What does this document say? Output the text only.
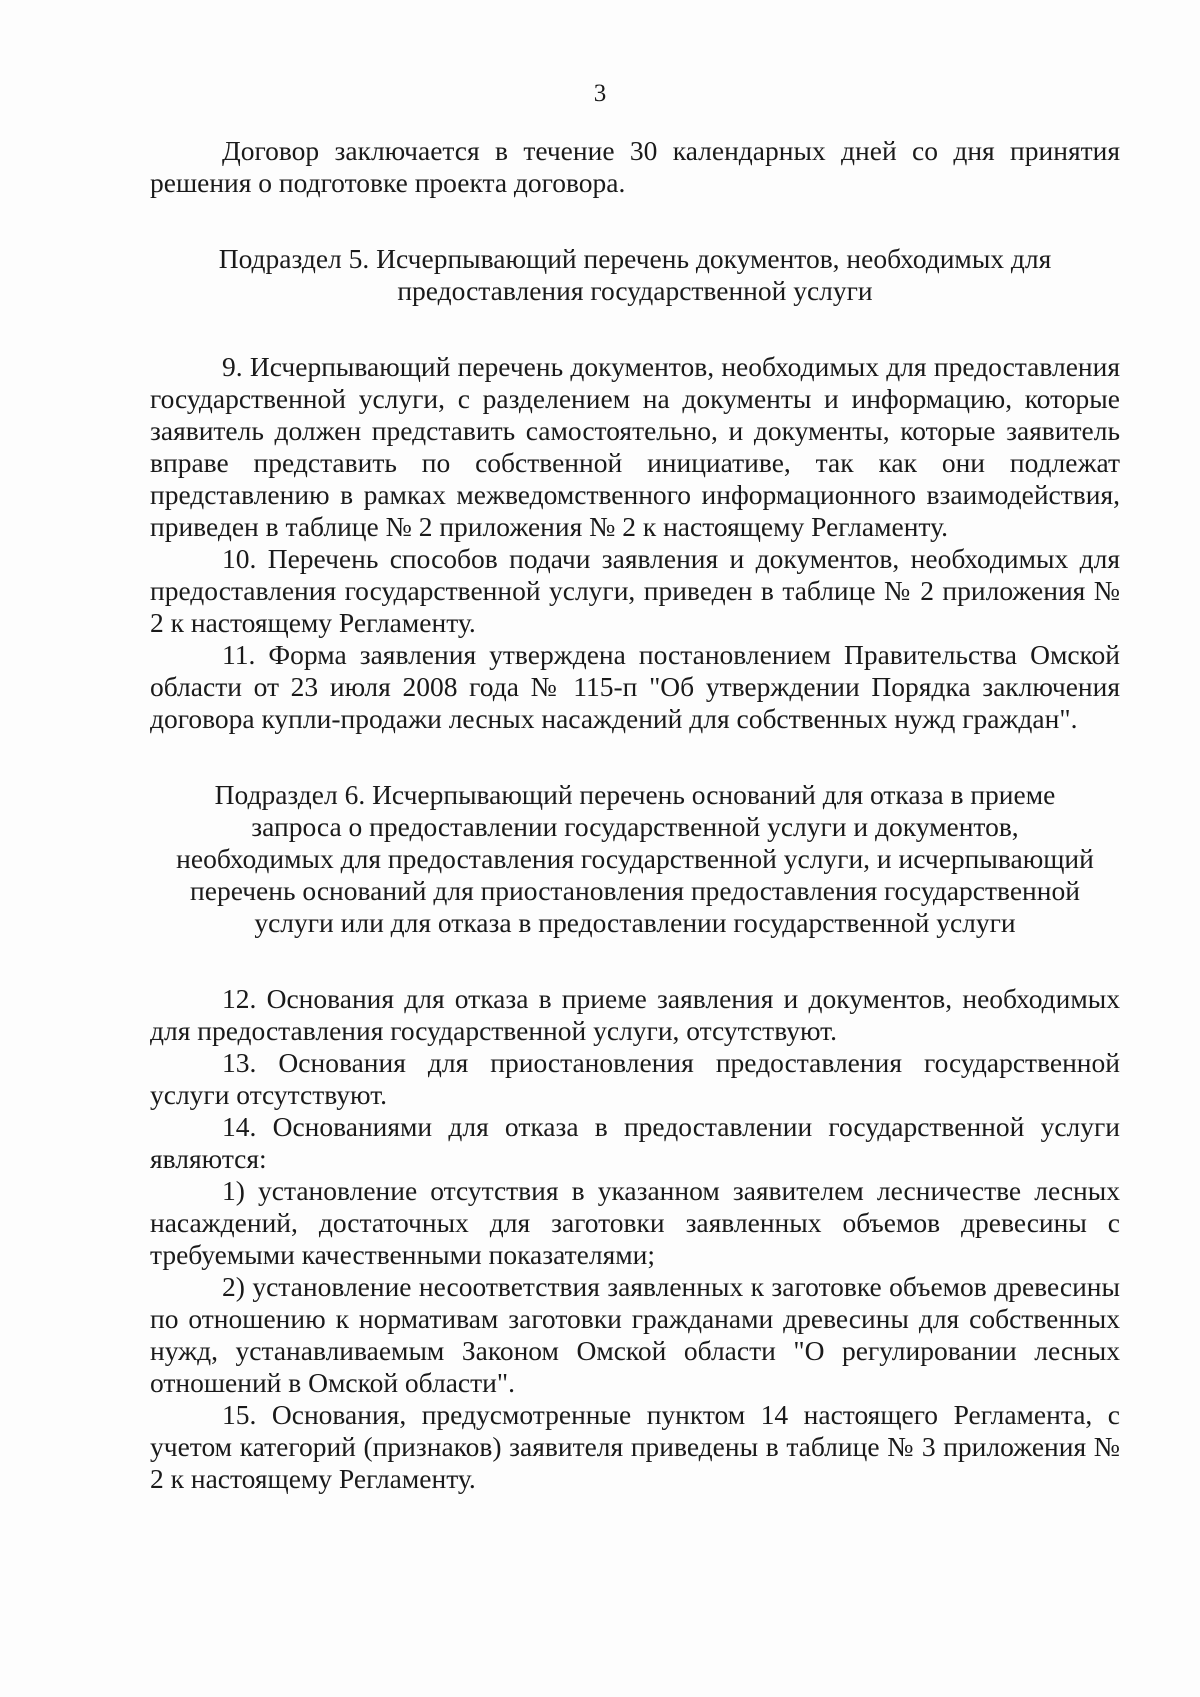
3

Договор заключается в течение 30 календарных дней со дня принятия решения о подготовке проекта договора.

Подраздел 5. Исчерпывающий перечень документов, необходимых для предоставления государственной услуги

9. Исчерпывающий перечень документов, необходимых для предоставления государственной услуги, с разделением на документы и информацию, которые заявитель должен представить самостоятельно, и документы, которые заявитель вправе представить по собственной инициативе, так как они подлежат представлению в рамках межведомственного информационного взаимодействия, приведен в таблице № 2 приложения № 2 к настоящему Регламенту.

10. Перечень способов подачи заявления и документов, необходимых для предоставления государственной услуги, приведен в таблице № 2 приложения № 2 к настоящему Регламенту.

11. Форма заявления утверждена постановлением Правительства Омской области от 23 июля 2008 года № 115-п "Об утверждении Порядка заключения договора купли-продажи лесных насаждений для собственных нужд граждан".

Подраздел 6. Исчерпывающий перечень оснований для отказа в приеме запроса о предоставлении государственной услуги и документов, необходимых для предоставления государственной услуги, и исчерпывающий перечень оснований для приостановления предоставления государственной услуги или для отказа в предоставлении государственной услуги

12. Основания для отказа в приеме заявления и документов, необходимых для предоставления государственной услуги, отсутствуют.

13. Основания для приостановления предоставления государственной услуги отсутствуют.

14. Основаниями для отказа в предоставлении государственной услуги являются:

1) установление отсутствия в указанном заявителем лесничестве лесных насаждений, достаточных для заготовки заявленных объемов древесины с требуемыми качественными показателями;

2) установление несоответствия заявленных к заготовке объемов древесины по отношению к нормативам заготовки гражданами древесины для собственных нужд, устанавливаемым Законом Омской области "О регулировании лесных отношений в Омской области".

15. Основания, предусмотренные пунктом 14 настоящего Регламента, с учетом категорий (признаков) заявителя приведены в таблице № 3 приложения № 2 к настоящему Регламенту.
